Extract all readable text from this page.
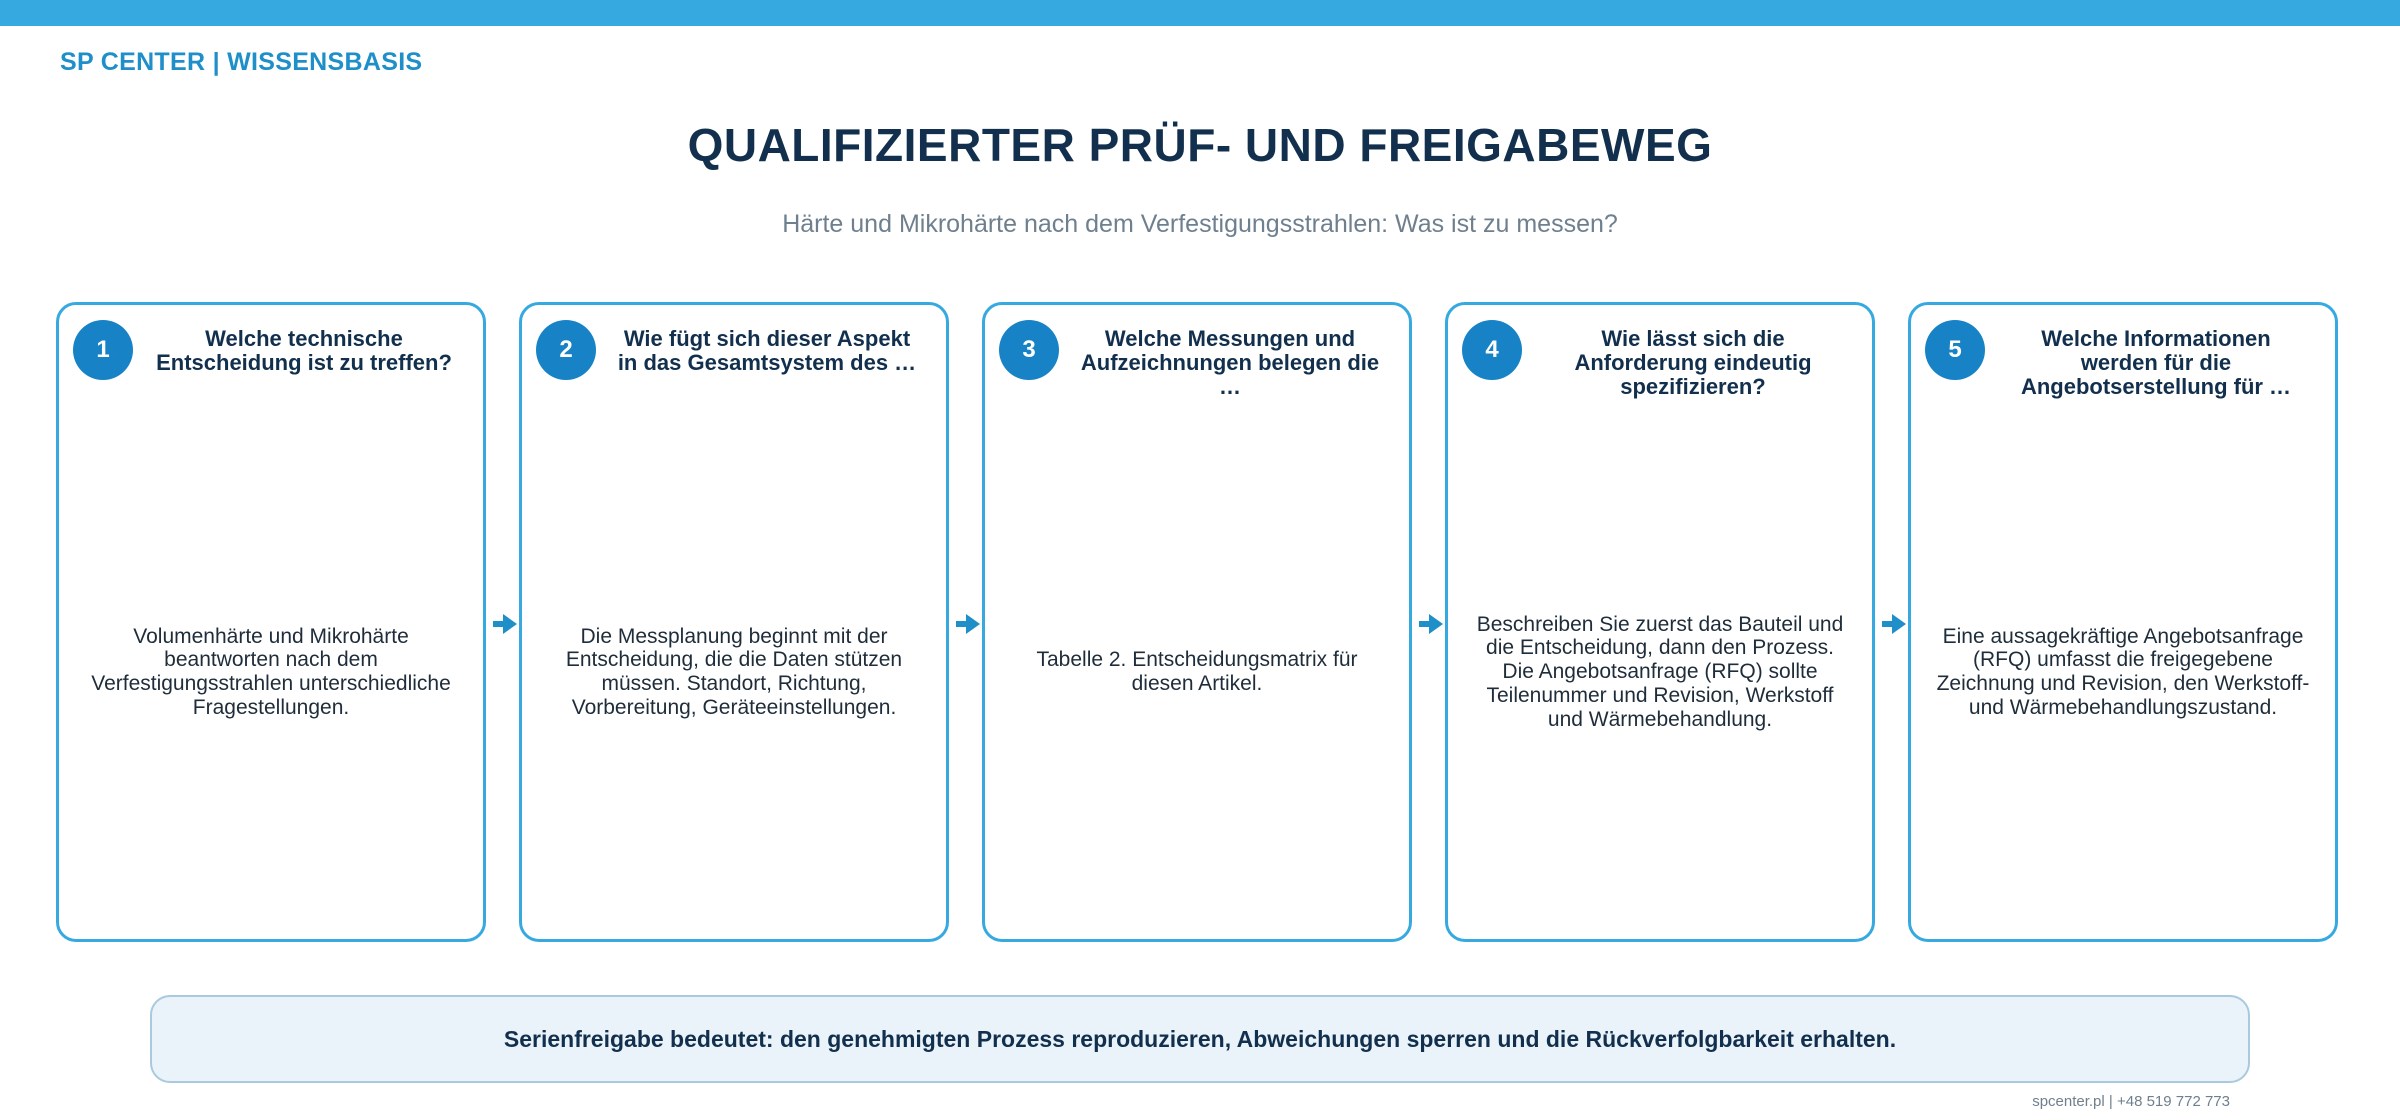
SP CENTER | WISSENSBASIS
QUALIFIZIERTER PRÜF- UND FREIGABEWEG
Härte und Mikrohärte nach dem Verfestigungsstrahlen: Was ist zu messen?
1	Welche technische Entscheidung ist zu treffen?
Volumenhärte und Mikrohärte beantworten nach dem Verfestigungsstrahlen unterschiedliche Fragestellungen.
2	Wie fügt sich dieser Aspekt in das Gesamtsystem des …
Die Messplanung beginnt mit der Entscheidung, die die Daten stützen müssen. Standort, Richtung, Vorbereitung, Geräteeinstellungen.
3	Welche Messungen und Aufzeichnungen belegen die …
Tabelle 2. Entscheidungsmatrix für diesen Artikel.
4	Wie lässt sich die Anforderung eindeutig spezifizieren?
Beschreiben Sie zuerst das Bauteil und die Entscheidung, dann den Prozess. Die Angebotsanfrage (RFQ) sollte Teilenummer und Revision, Werkstoff und Wärmebehandlung.
5	Welche Informationen werden für die Angebotserstellung für …
Eine aussagekräftige Angebotsanfrage (RFQ) umfasst die freigegebene Zeichnung und Revision, den Werkstoff- und Wärmebehandlungszustand.
Serienfreigabe bedeutet: den genehmigten Prozess reproduzieren, Abweichungen sperren und die Rückverfolgbarkeit erhalten.
spcenter.pl | +48 519 772 773
